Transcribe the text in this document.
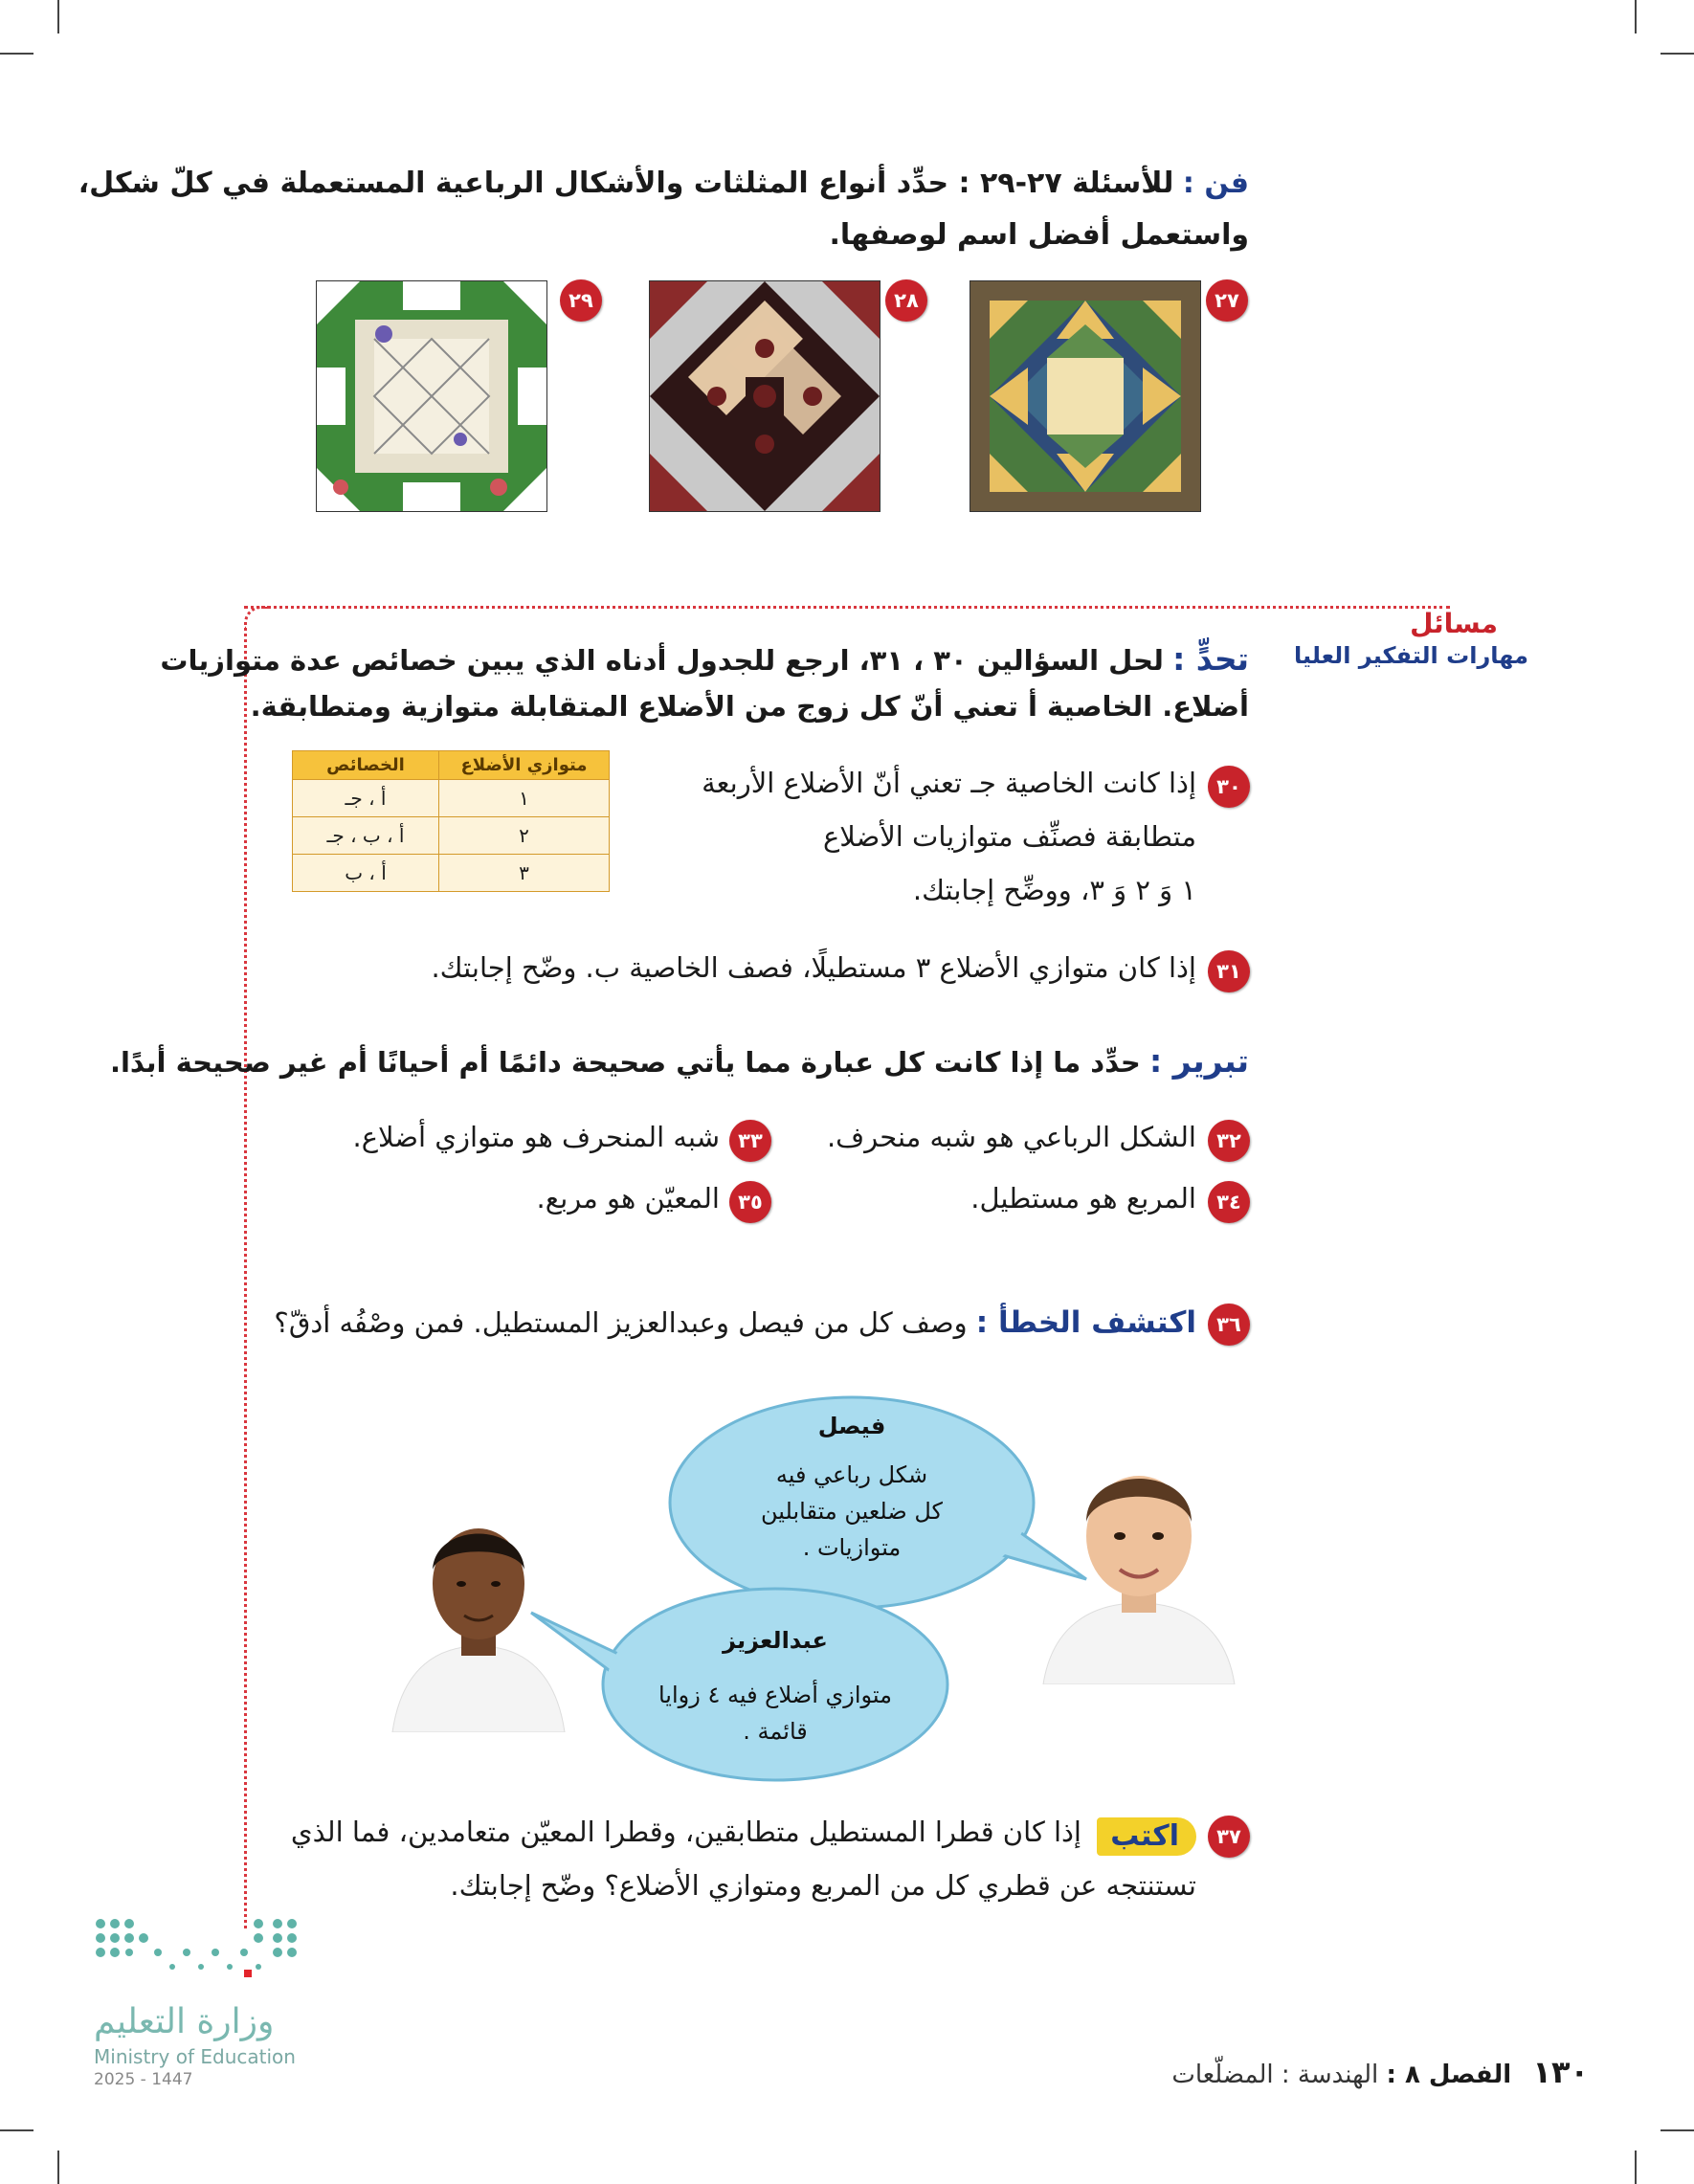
فن : للأسئلة ٢٧-٢٩ : حدِّد أنواع المثلثات والأشكال الرباعية المستعملة في كلّ شكل،
واستعمل أفضل اسم لوصفها.
٢٧
٢٨
٢٩
مسائل
مهارات التفكير العليا
تحدٍّ : لحل السؤالين ٣٠ ، ٣١، ارجع للجدول أدناه الذي يبين خصائص عدة متوازيات
أضلاع. الخاصية أ تعني أنّ كل زوج من الأضلاع المتقابلة متوازية ومتطابقة.
متوازي الأضلاع	الخصائص
١	أ ، جـ
٢	أ ، ب ، جـ
٣	أ ، ب
٣٠
إذا كانت الخاصية جـ تعني أنّ الأضلاع الأربعة
متطابقة فصنِّف متوازيات الأضلاع
١ وَ ٢ وَ ٣، ووضِّح إجابتك.
٣١
إذا كان متوازي الأضلاع ٣ مستطيلًا، فصف الخاصية ب. وضّح إجابتك.
تبرير : حدِّد ما إذا كانت كل عبارة مما يأتي صحيحة دائمًا أم أحيانًا أم غير صحيحة أبدًا.
٣٢
الشكل الرباعي هو شبه منحرف.
٣٣
شبه المنحرف هو متوازي أضلاع.
٣٤
المربع هو مستطيل.
٣٥
المعيّن هو مربع.
٣٦
اكتشف الخطأ : وصف كل من فيصل وعبدالعزيز المستطيل. فمن وصْفُه أدقّ؟
فيصل
شكل رباعي فيه
كل ضلعين متقابلين
متوازيات .
عبدالعزيز
متوازي أضلاع فيه ٤ زوايا
قائمة .
٣٧
اكتب
إذا كان قطرا المستطيل متطابقين، وقطرا المعيّن متعامدين، فما الذي
تستنتجه عن قطري كل من المربع ومتوازي الأضلاع؟ وضّح إجابتك.
وزارة التعليم
Ministry of Education
2025 - 1447	١٣٠ الفصل ٨ : الهندسة : المضلّعات
